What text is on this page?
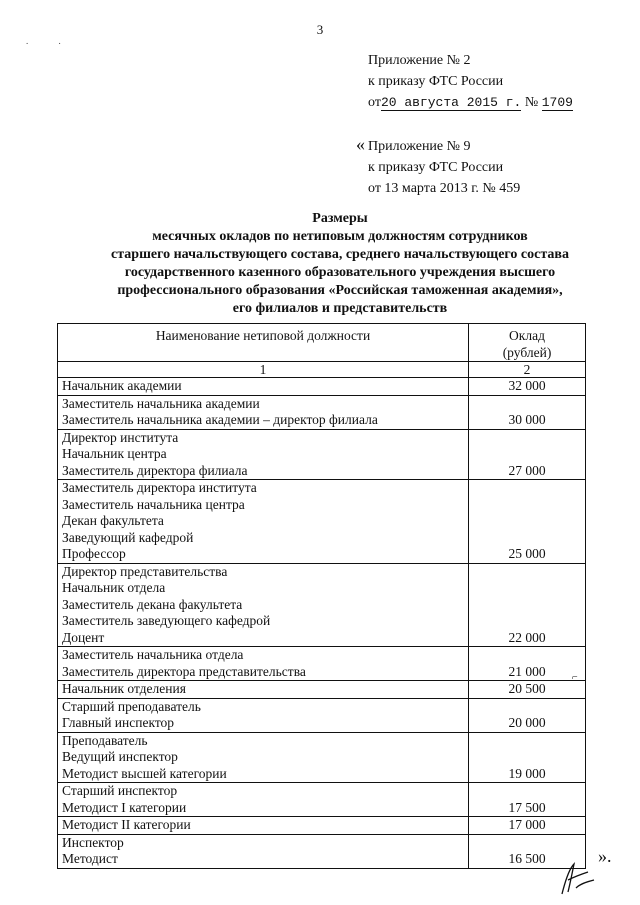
3
. .
Приложение № 2
к приказу ФТС России
от20 августа 2015 г. № 1709
« Приложение № 9
к приказу ФТС России
от 13 марта 2013 г. № 459
Размеры
месячных окладов по нетиповым должностям сотрудников
старшего начальствующего состава, среднего начальствующего состава
государственного казенного образовательного учреждения высшего
профессионального образования «Российская таможенная академия»,
его филиалов и представительств
Наименование нетиповой должности	Оклад
(рублей)

1	2

Начальник академии	32 000

Заместитель начальника академии
Заместитель начальника академии – директор филиала	30 000

Директор института
Начальник центра
Заместитель директора филиала	27 000

Заместитель директора института
Заместитель начальника центра
Декан факультета
Заведующий кафедрой
Профессор	25 000

Директор представительства
Начальник отдела
Заместитель декана факультета
Заместитель заведующего кафедрой
Доцент	22 000

Заместитель начальника отдела
Заместитель директора представительства	21 000

Начальник отделения	20 500

Старший преподаватель
Главный инспектор	20 000

Преподаватель
Ведущий инспектор
Методист высшей категории	19 000

Старший инспектор
Методист I категории	17 500

Методист II категории	17 000

Инспектор
Методист	16 500
⌐
».
